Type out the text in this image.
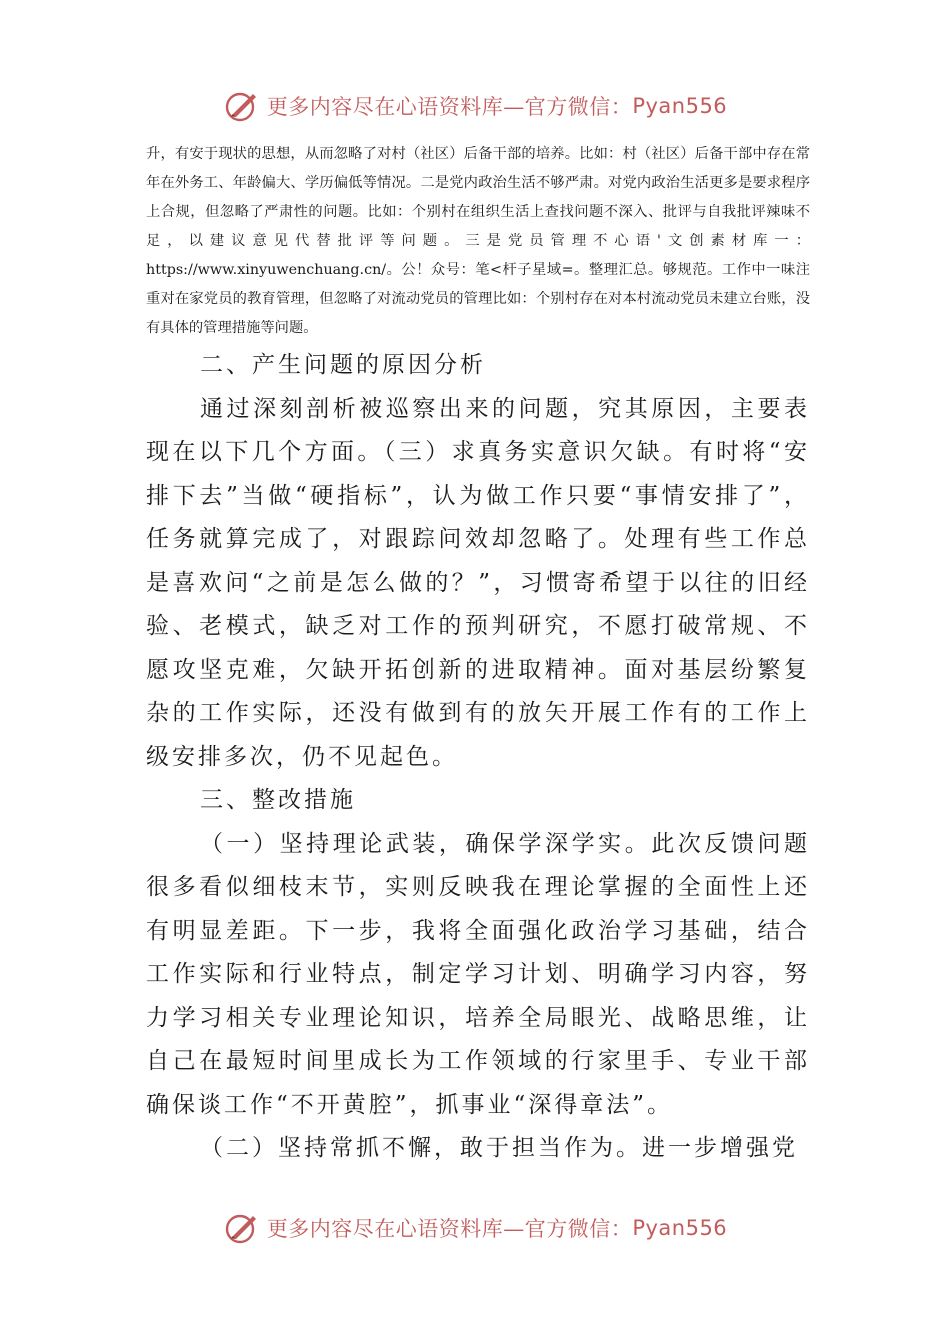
更多内容尽在心语资料库—官方微信： Pyan556

升，有安于现状的思想，从而忽略了对村（社区）后备干部的培养。比如：村（社区）后备干部中存在常年在外务工、年龄偏大、学历偏低等情况。二是党内政治生活不够严肃。对党内政治生活更多是要求程序上合规，但忽略了严肃性的问题。比如：个别村在组织生活上查找问题不深入、批评与自我批评辣味不足，以建议意见代替批评等问题。三是党员管理不心语'文创素材库一：https://www.xinyuwenchuang.cn/。公！众号：笔<杆子星域=。整理汇总。够规范。工作中一味注重对在家党员的教育管理，但忽略了对流动党员的管理比如：个别村存在对本村流动党员未建立台账，没有具体的管理措施等问题。

二、产生问题的原因分析

通过深刻剖析被巡察出来的问题，究其原因，主要表现在以下几个方面。（三）求真务实意识欠缺。有时将“安排下去”当做“硬指标”，认为做工作只要“事情安排了”，任务就算完成了，对跟踪问效却忽略了。处理有些工作总是喜欢问“之前是怎么做的？”，习惯寄希望于以往的旧经验、老模式，缺乏对工作的预判研究，不愿打破常规、不愿攻坚克难，欠缺开拓创新的进取精神。面对基层纷繁复杂的工作实际，还没有做到有的放矢开展工作有的工作上级安排多次，仍不见起色。

三、整改措施

（一）坚持理论武装，确保学深学实。此次反馈问题很多看似细枝末节，实则反映我在理论掌握的全面性上还有明显差距。下一步，我将全面强化政治学习基础，结合工作实际和行业特点，制定学习计划、明确学习内容，努力学习相关专业理论知识，培养全局眼光、战略思维，让自己在最短时间里成长为工作领域的行家里手、专业干部确保谈工作“不开黄腔”，抓事业“深得章法”。

（二）坚持常抓不懈，敢于担当作为。进一步增强党

更多内容尽在心语资料库—官方微信： Pyan556
